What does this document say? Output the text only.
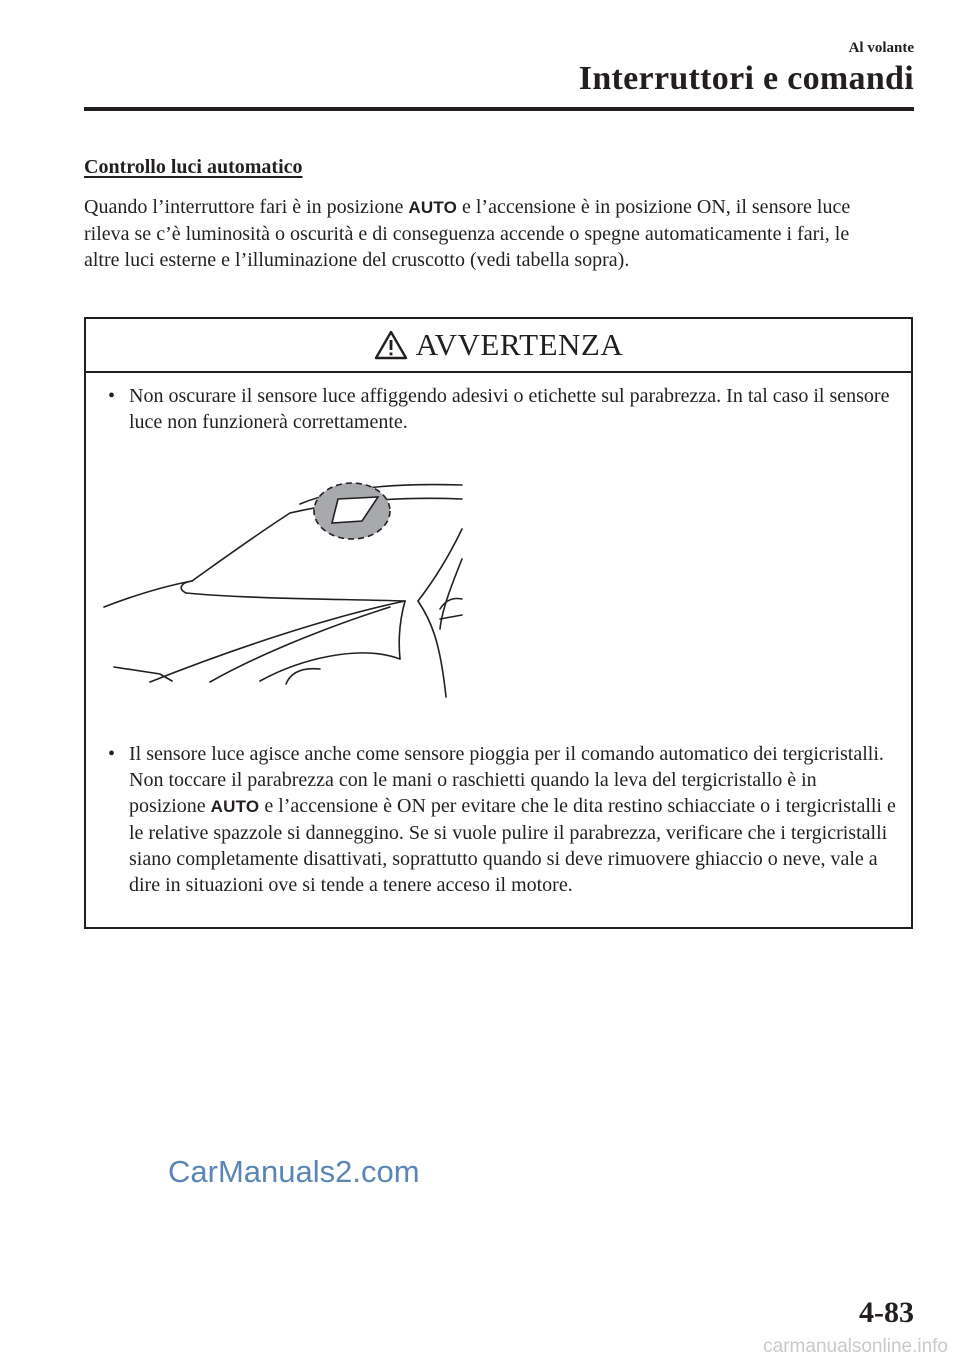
Al volante
Interruttori e comandi
Controllo luci automatico
Quando l’interruttore fari è in posizione AUTO e l’accensione è in posizione ON, il sensore luce rileva se c’è luminosità o oscurità e di conseguenza accende o spegne automaticamente i fari, le altre luci esterne e l’illuminazione del cruscotto (vedi tabella sopra).
AVVERTENZA
• Non oscurare il sensore luce affiggendo adesivi o etichette sul parabrezza. In tal caso il sensore luce non funzionerà correttamente.
• Il sensore luce agisce anche come sensore pioggia per il comando automatico dei tergicristalli. Non toccare il parabrezza con le mani o raschietti quando la leva del tergicristallo è in posizione AUTO e l’accensione è ON per evitare che le dita restino schiacciate o i tergicristalli e le relative spazzole si danneggino. Se si vuole pulire il parabrezza, verificare che i tergicristalli siano completamente disattivati, soprattutto quando si deve rimuovere ghiaccio o neve, vale a dire in situazioni ove si tende a tenere acceso il motore.
CarManuals2.com
4-83
carmanualsonline.info
